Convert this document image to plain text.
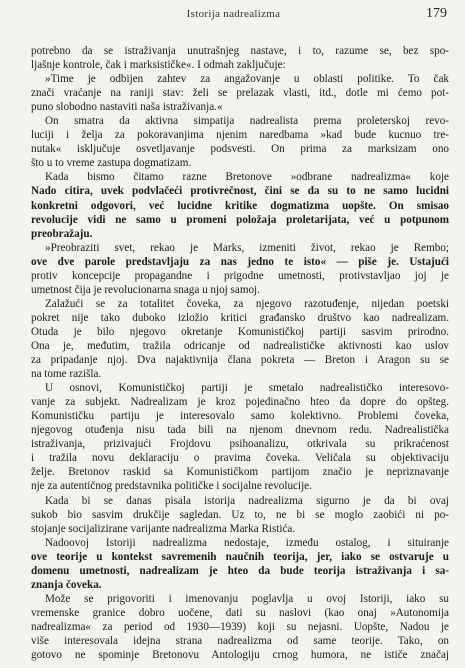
Istorija nadrealizma	179
potrebno da se istraživanja unutrašnjeg nastave, i to, razume se, bez spo-
ljašnje kontrole, čak i marksističke«. I odmah zaključuje:
»Time je odbijen zahtev za angažovanje u oblasti politike. To čak
znači vraćanje na raniji stav: želi se prelazak vlasti, itd., dotle mi ćemo pot-
puno slobodno nastaviti naša istraživanja.«
On smatra da aktivna simpatija nadrealista prema proleterskoj revo-
luciji i želja za pokoravanjima njenim naredbama »kad bude kucnuo tre-
nutak« isključuje osvetljavanje podsvesti. On prima za marksizam ono
što u to vreme zastupa dogmatizam.
Kada bismo čitamo razne Bretonove »odbrane nadrealizma« koje
Nado citira, uvek podvlačeći protivrečnost, čini se da su to ne samo lucidni
konkretni odgovori, već lucidne kritike dogmatizma uopšte. On smisao
revolucije vidi ne samo u promeni položaja proletarijata, već u potpunom
preobražaju.
»Preobraziti svet, rekao je Marks, izmeniti život, rekao je Rembo;
ove dve parole predstavljaju za nas jedno te isto« — piše je. Ustajući
protiv koncepcije propagandne i prigodne umetnosti, protivstavljao joj je
umetnost čija je revolucionarna snaga u njoj samoj.
Zalažući se za totalitet čoveka, za njegovo razotuđenje, nijedan poetski
pokret nije tako duboko izložio kritici građansko društvo kao nadrealizam.
Otuda je bilo njegovo okretanje Komunističkoj partiji sasvim prirodno.
Ona je, međutim, tražila odricanje od nadrealističke aktivnosti kao uslov
za pripadanje njoj. Dva najaktivnija člana pokreta — Breton i Aragon su se
na tome razišla.
U osnovi, Komunističkoj partiji je smetalo nadrealističko interesovo-
vanje za subjekt. Nadrealizam je kroz pojedinačno hteo da dopre do opšteg.
Komunističku partiju je interesovalo samo kolektivno. Problemi čoveka,
njegovog otuđenja nisu tada bili na njenom dnevnom redu. Nadrealistička
istraživanja, prizivajući Frojdovu psihoanalizu, otkrivala su prikraćenost
i tražila novu deklaraciju o pravima čoveka. Veličala su objektivaciju
želje. Bretonov raskid sa Komunističkom partijom značio je nepriznavanje
nje za autentičnog predstavnika političke i socijalne revolucije.
Kada bi se danas pisala istorija nadrealizma sigurno je da bi ovaj
sukob bio sasvim drukčije sagledan. Uz to, ne bi se moglo zaobići ni po-
stojanje socijalizirane varijante nadrealizma Marka Ristića.
Nadoovoj Istoriji nadrealizma nedostaje, između ostalog, i situiranje
ove teorije u kontekst savremenih naučnih teorija, jer, iako se ostvaruje u
domenu umetnosti, nadrealizam je hteo da bude teorija istraživanja i sa-
znanja čoveka.
Može se prigovoriti i imenovanju poglavlja u ovoj Istoriji, iako su
vremenske granice dobro uočene, dati su naslovi (kao onaj »Autonomija
nadrealizma« za period od 1930—1939) koji su nejasni. Uopšte, Nadou je
više interesovala idejna strana nadrealizma od same teorije. Tako, on
gotovo ne spominje Bretonovu Antologiju crnog humora, ne ističe značaj
